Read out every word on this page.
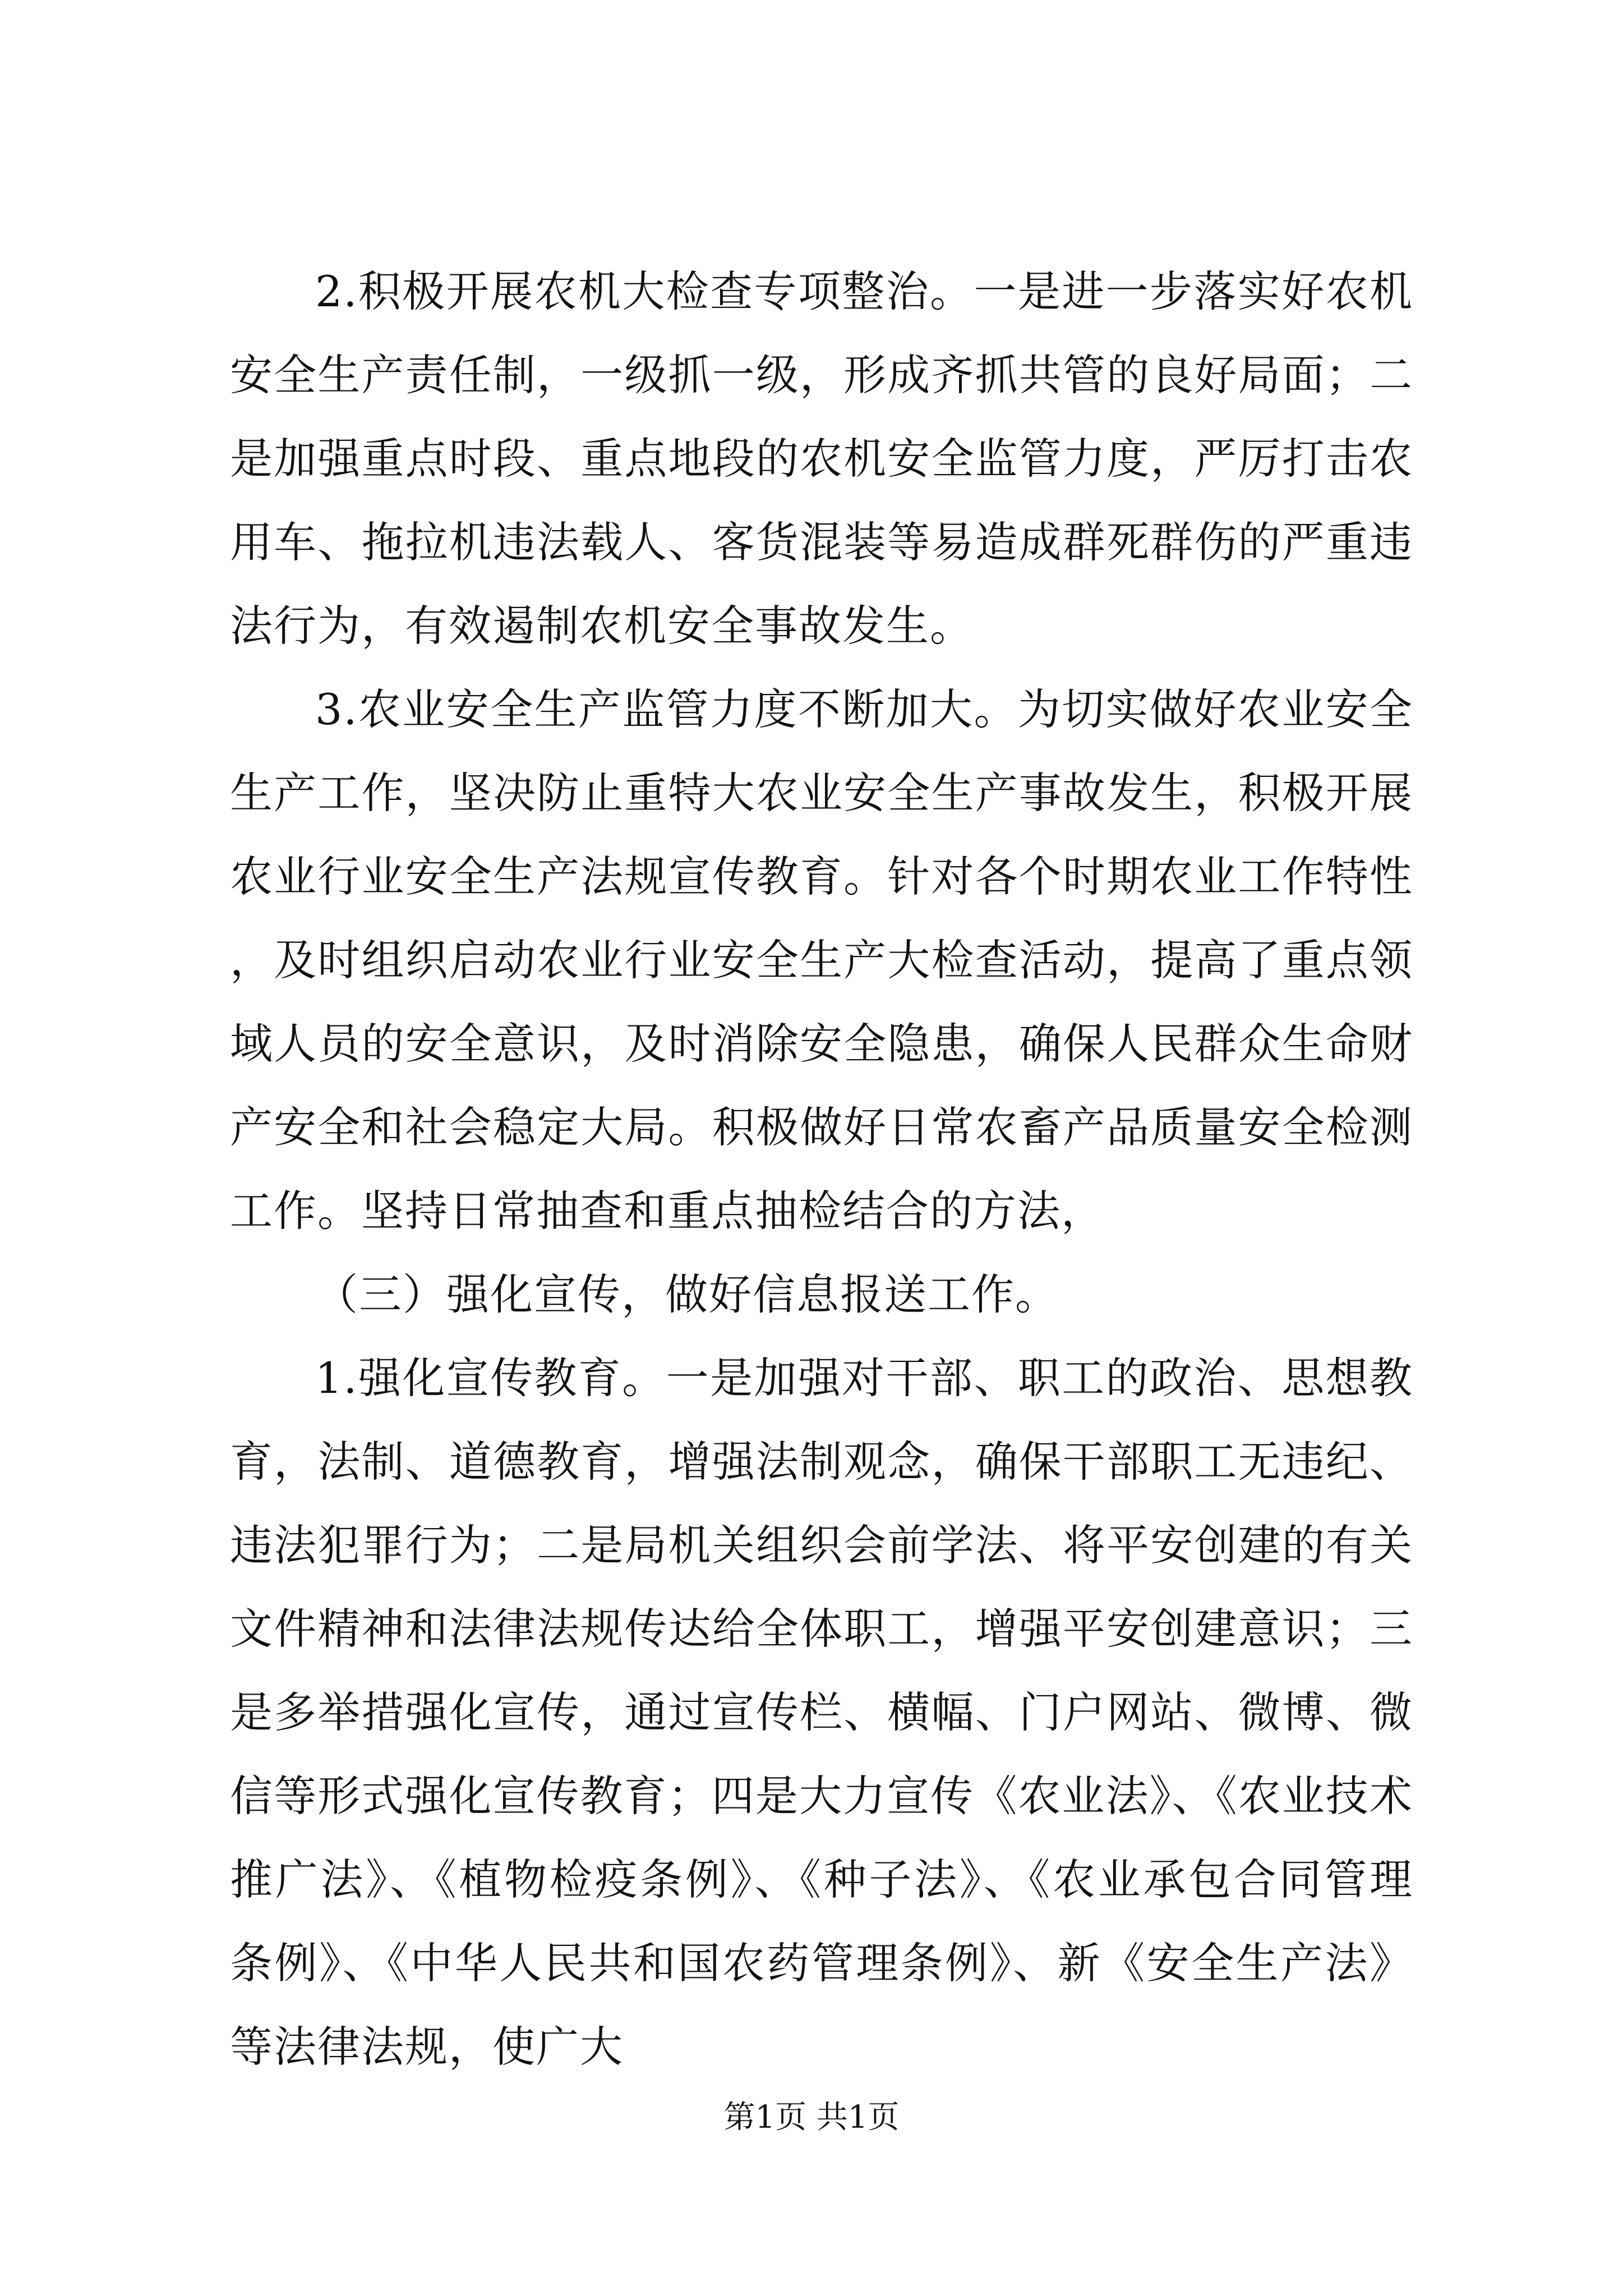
2.积极开展农机大检查专项整治。一是进一步落实好农机安全生产责任制，一级抓一级，形成齐抓共管的良好局面；二是加强重点时段、重点地段的农机安全监管力度，严厉打击农用车、拖拉机违法载人、客货混装等易造成群死群伤的严重违法行为，有效遏制农机安全事故发生。

3.农业安全生产监管力度不断加大。为切实做好农业安全生产工作，坚决防止重特大农业安全生产事故发生，积极开展农业行业安全生产法规宣传教育。针对各个时期农业工作特性，及时组织启动农业行业安全生产大检查活动，提高了重点领域人员的安全意识，及时消除安全隐患，确保人民群众生命财产安全和社会稳定大局。积极做好日常农畜产品质量安全检测工作。坚持日常抽查和重点抽检结合的方法，

（三）强化宣传，做好信息报送工作。

1.强化宣传教育。一是加强对干部、职工的政治、思想教育，法制、道德教育，增强法制观念，确保干部职工无违纪、违法犯罪行为；二是局机关组织会前学法、将平安创建的有关文件精神和法律法规传达给全体职工，增强平安创建意识；三是多举措强化宣传，通过宣传栏、横幅、门户网站、微博、微信等形式强化宣传教育；四是大力宣传《农业法》、《农业技术推广法》、《植物检疫条例》、《种子法》、《农业承包合同管理条例》、《中华人民共和国农药管理条例》、新《安全生产法》等法律法规，使广大

第1页 共1页
